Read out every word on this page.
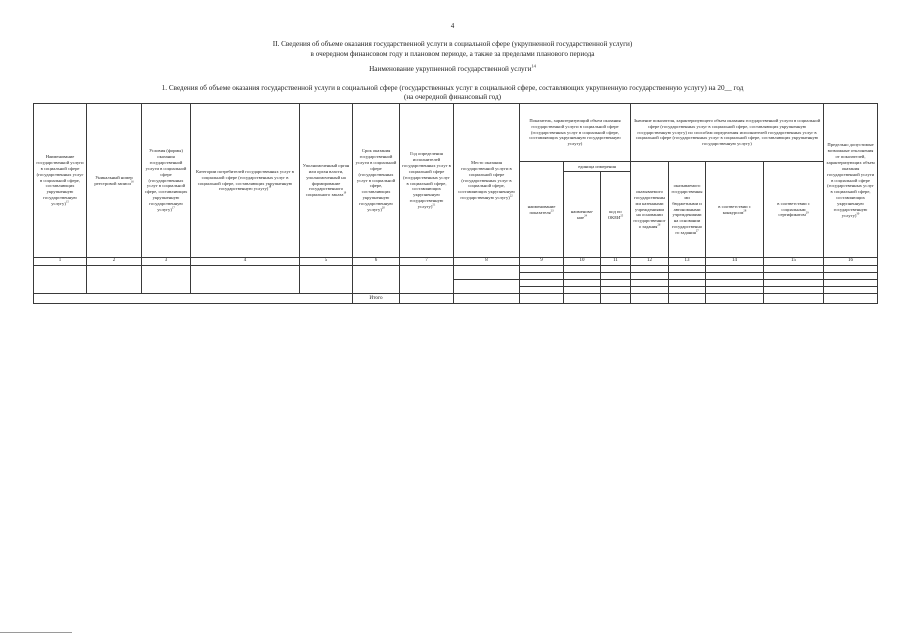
4
II. Сведения об объеме оказания государственной услуги в социальной сфере (укрупненной государственной услуги)
в очередном финансовом году и плановом периоде, а также за пределами планового периода
Наименование укрупненной государственной услуги$^{14}$
1. Сведения об объеме оказания государственной услуги в социальной сфере (государственных услуг в социальной сфере, составляющих укрупненную государственную услугу) на 20__ год
(на очередной финансовый год)
Наименование государственной услуги в социальной сфере (государственных услуг в социальной сфере, составляющих укрупненную государственную услугу)$^{15}$	Уникальный номер реестровой записи$^{16}$	Условия (формы) оказания государственной услуги в социальной сфере (государственных услуг в социальной сфере, составляющих укрупненную государственную услугу)$^{17}$	Категории потребителей государственных услуг в социальной сфере (государственных услуг в социальной сфере, составляющих укрупненную государственную услугу)$^{18}$	Уполномоченный орган или орган власти, уполномоченный на формирование государственного социального заказа$^{19}$	Срок оказания государственной услуги в социальной сфере (государственных услуг в социальной сфере, составляющих укрупненную государственную услугу)$^{20}$	Год определения исполнителей государственных услуг в социальной сфере (государственных услуг в социальной сфере, составляющих укрупненную государственную услугу)$^{21}$	Место оказания государственной услуги в социальной сфере (государственных услуг в социальной сфере, составляющих укрупненную государственную услугу)$^{22}$	Показатель, характеризующий объем оказания государственной услуги в социальной сфере (государственных услуг в социальной сфере, составляющих укрупненную государственную услугу)	Значение показателя, характеризующего объем оказания государственной услуги в социальной сфере (государственных услуг в социальной сфере, составляющих укрупненную государственную услугу) по способам определения исполнителей государственных услуг в социальной сфере (государственных услуг в социальной сфере, составляющих укрупненную государственную услугу)	Предельно допустимые возможные отклонения от показателей, характеризующих объем оказания государственной услуги в социальной сфере (государственных услуг в социальной сфере, составляющих укрупненную государственную услугу)$^{30}$
								наименование показателя$^{23}$	единица измерения		оказываемого государственными казенными учреждениями на основании государственного задания$^{26}$	оказываемого государственными бюджетными и автономными учреждениями на основании государственного задания$^{27}$	в соответствии с конкурсом$^{28}$	в соответствии с социальным сертификатом$^{29}$
									наименова-ние$^{24}$	код по ОКЕИ$^{25}$
1	2	3	4	5	6	7	8	9	10	11	12	13	14	15	16

					Итого										
